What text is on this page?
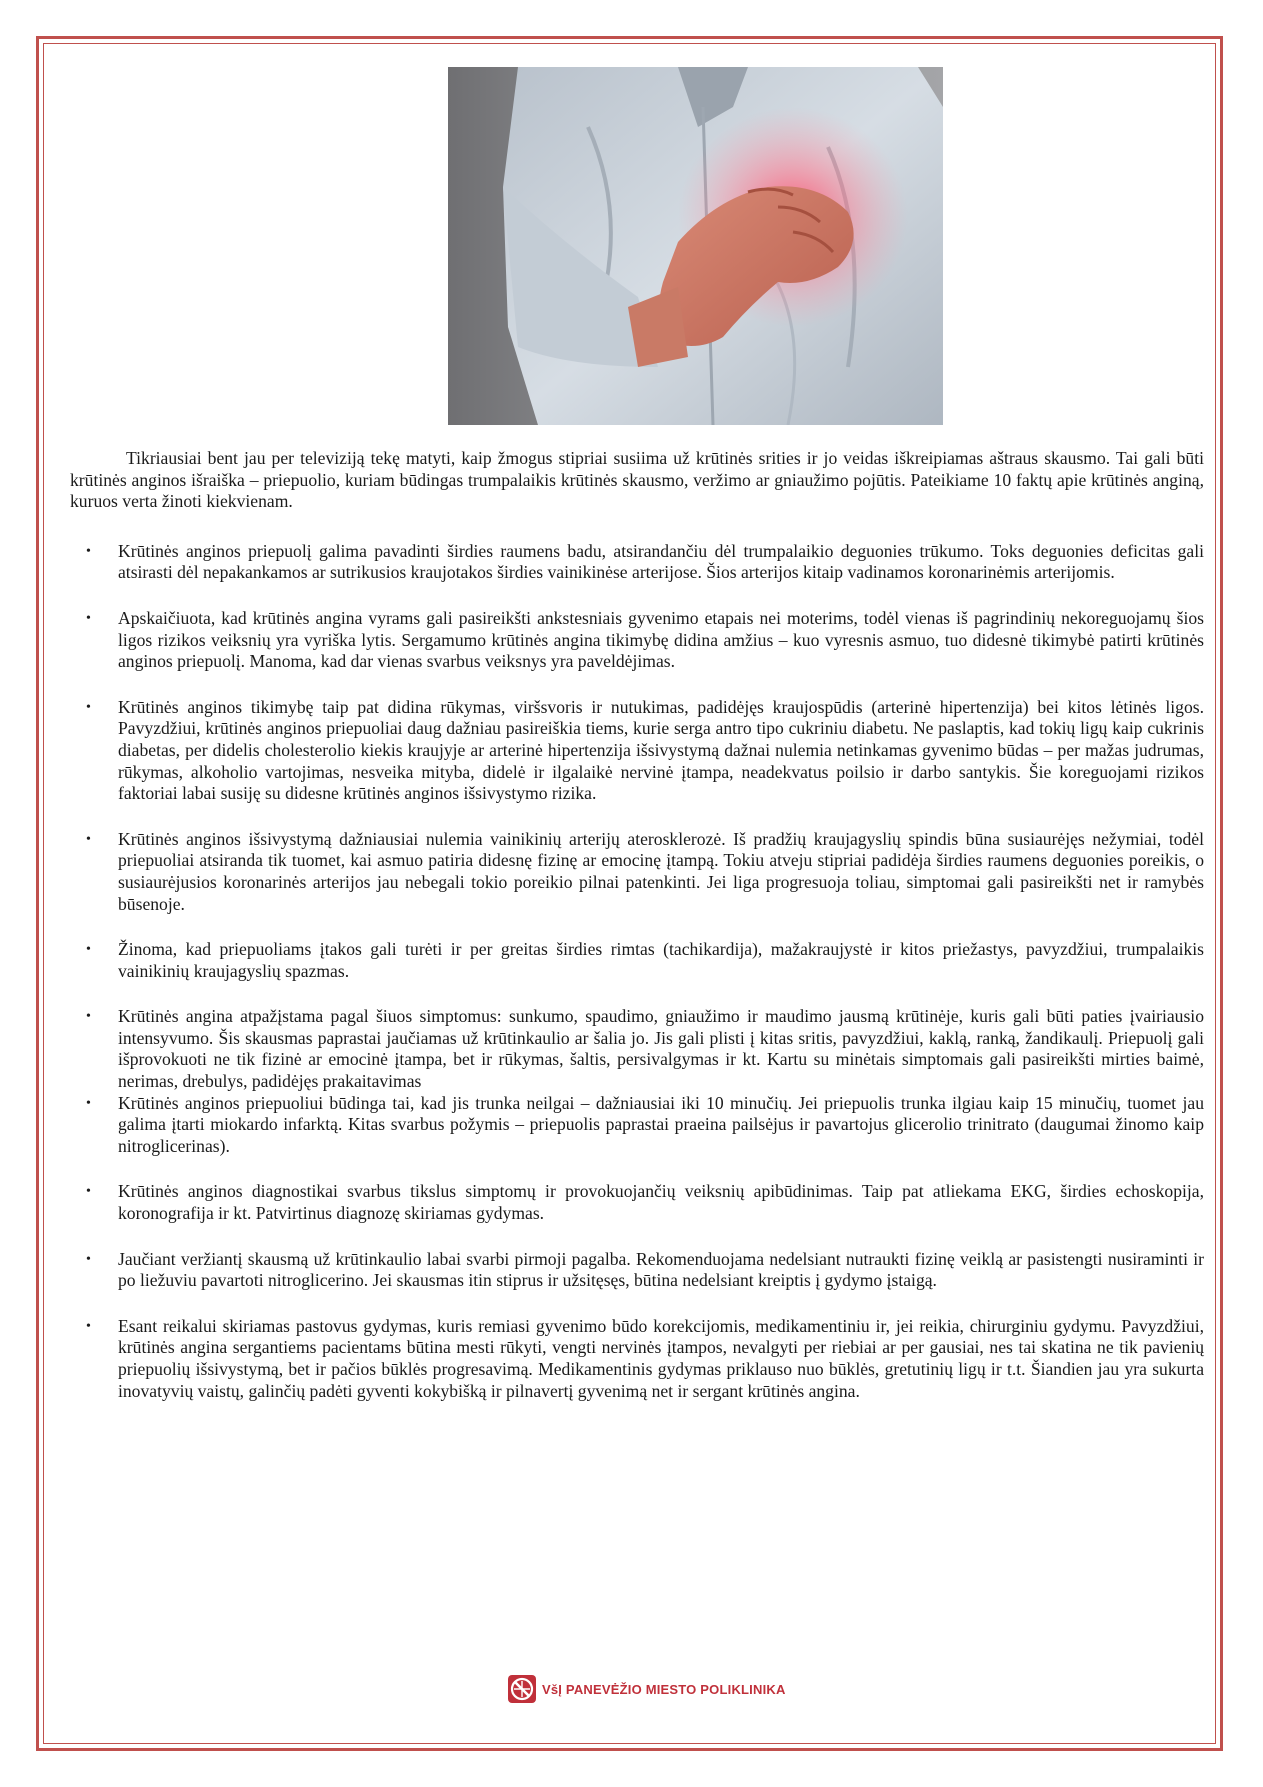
Tikriausiai bent jau per televiziją tekę matyti, kaip žmogus stipriai susiima už krūtinės srities ir jo veidas iškreipiamas aštraus skausmo. Tai gali būti krūtinės anginos išraiška – priepuolio, kuriam būdingas trumpalaikis krūtinės skausmo, veržimo ar gniaužimo pojūtis. Pateikiame 10 faktų apie krūtinės anginą, kuruos verta žinoti kiekvienam.

• Krūtinės anginos priepuolį galima pavadinti širdies raumens badu, atsirandančiu dėl trumpalaikio deguonies trūkumo. Toks deguonies deficitas gali atsirasti dėl nepakankamos ar sutrikusios kraujotakos širdies vainikinėse arterijose. Šios arterijos kitaip vadinamos koronarinėmis arterijomis.
• Apskaičiuota, kad krūtinės angina vyrams gali pasireikšti ankstesniais gyvenimo etapais nei moterims, todėl vienas iš pagrindinių nekoreguojamų šios ligos rizikos veiksnių yra vyriška lytis. Sergamumo krūtinės angina tikimybę didina amžius – kuo vyresnis asmuo, tuo didesnė tikimybė patirti krūtinės anginos priepuolį. Manoma, kad dar vienas svarbus veiksnys yra paveldėjimas.
• Krūtinės anginos tikimybę taip pat didina rūkymas, viršsvoris ir nutukimas, padidėjęs kraujospūdis (arterinė hipertenzija) bei kitos lėtinės ligos. Pavyzdžiui, krūtinės anginos priepuoliai daug dažniau pasireiškia tiems, kurie serga antro tipo cukriniu diabetu. Ne paslaptis, kad tokių ligų kaip cukrinis diabetas, per didelis cholesterolio kiekis kraujyje ar arterinė hipertenzija išsivystymą dažnai nulemia netinkamas gyvenimo būdas – per mažas judrumas, rūkymas, alkoholio vartojimas, nesveika mityba, didelė ir ilgalaikė nervinė įtampa, neadekvatus poilsio ir darbo santykis. Šie koreguojami rizikos faktoriai labai susiję su didesne krūtinės anginos išsivystymo rizika.
• Krūtinės anginos išsivystymą dažniausiai nulemia vainikinių arterijų aterosklerozė. Iš pradžių kraujagyslių spindis būna susiaurėjęs nežymiai, todėl priepuoliai atsiranda tik tuomet, kai asmuo patiria didesnę fizinę ar emocinę įtampą. Tokiu atveju stipriai padidėja širdies raumens deguonies poreikis, o susiaurėjusios koronarinės arterijos jau nebegali tokio poreikio pilnai patenkinti. Jei liga progresuoja toliau, simptomai gali pasireikšti net ir ramybės būsenoje.
• Žinoma, kad priepuoliams įtakos gali turėti ir per greitas širdies rimtas (tachikardija), mažakraujystė ir kitos priežastys, pavyzdžiui, trumpalaikis vainikinių kraujagyslių spazmas.
• Krūtinės angina atpažįstama pagal šiuos simptomus: sunkumo, spaudimo, gniaužimo ir maudimo jausmą krūtinėje, kuris gali būti paties įvairiausio intensyvumo. Šis skausmas paprastai jaučiamas už krūtinkaulio ar šalia jo. Jis gali plisti į kitas sritis, pavyzdžiui, kaklą, ranką, žandikaulį. Priepuolį gali išprovokuoti ne tik fizinė ar emocinė įtampa, bet ir rūkymas, šaltis, persivalgymas ir kt. Kartu su minėtais simptomais gali pasireikšti mirties baimė, nerimas, drebulys, padidėjęs prakaitavimas
• Krūtinės anginos priepuoliui būdinga tai, kad jis trunka neilgai – dažniausiai iki 10 minučių. Jei priepuolis trunka ilgiau kaip 15 minučių, tuomet jau galima įtarti miokardo infarktą. Kitas svarbus požymis – priepuolis paprastai praeina pailsėjus ir pavartojus glicerolio trinitrato (daugumai žinomo kaip nitroglicerinas).
• Krūtinės anginos diagnostikai svarbus tikslus simptomų ir provokuojančių veiksnių apibūdinimas. Taip pat atliekama EKG, širdies echoskopija, koronografija ir kt. Patvirtinus diagnozę skiriamas gydymas.
• Jaučiant veržiantį skausmą už krūtinkaulio labai svarbi pirmoji pagalba. Rekomenduojama nedelsiant nutraukti fizinę veiklą ar pasistengti nusiraminti ir po liežuviu pavartoti nitroglicerino. Jei skausmas itin stiprus ir užsitęsęs, būtina nedelsiant kreiptis į gydymo įstaigą.
• Esant reikalui skiriamas pastovus gydymas, kuris remiasi gyvenimo būdo korekcijomis, medikamentiniu ir, jei reikia, chirurginiu gydymu. Pavyzdžiui, krūtinės angina sergantiems pacientams būtina mesti rūkyti, vengti nervinės įtampos, nevalgyti per riebiai ar per gausiai, nes tai skatina ne tik pavienių priepuolių išsivystymą, bet ir pačios būklės progresavimą. Medikamentinis gydymas priklauso nuo būklės, gretutinių ligų ir t.t. Šiandien jau yra sukurta inovatyvių vaistų, galinčių padėti gyventi kokybišką ir pilnavertį gyvenimą net ir sergant krūtinės angina.
VšĮ PANEVĖŽIO MIESTO POLIKLINIKA
